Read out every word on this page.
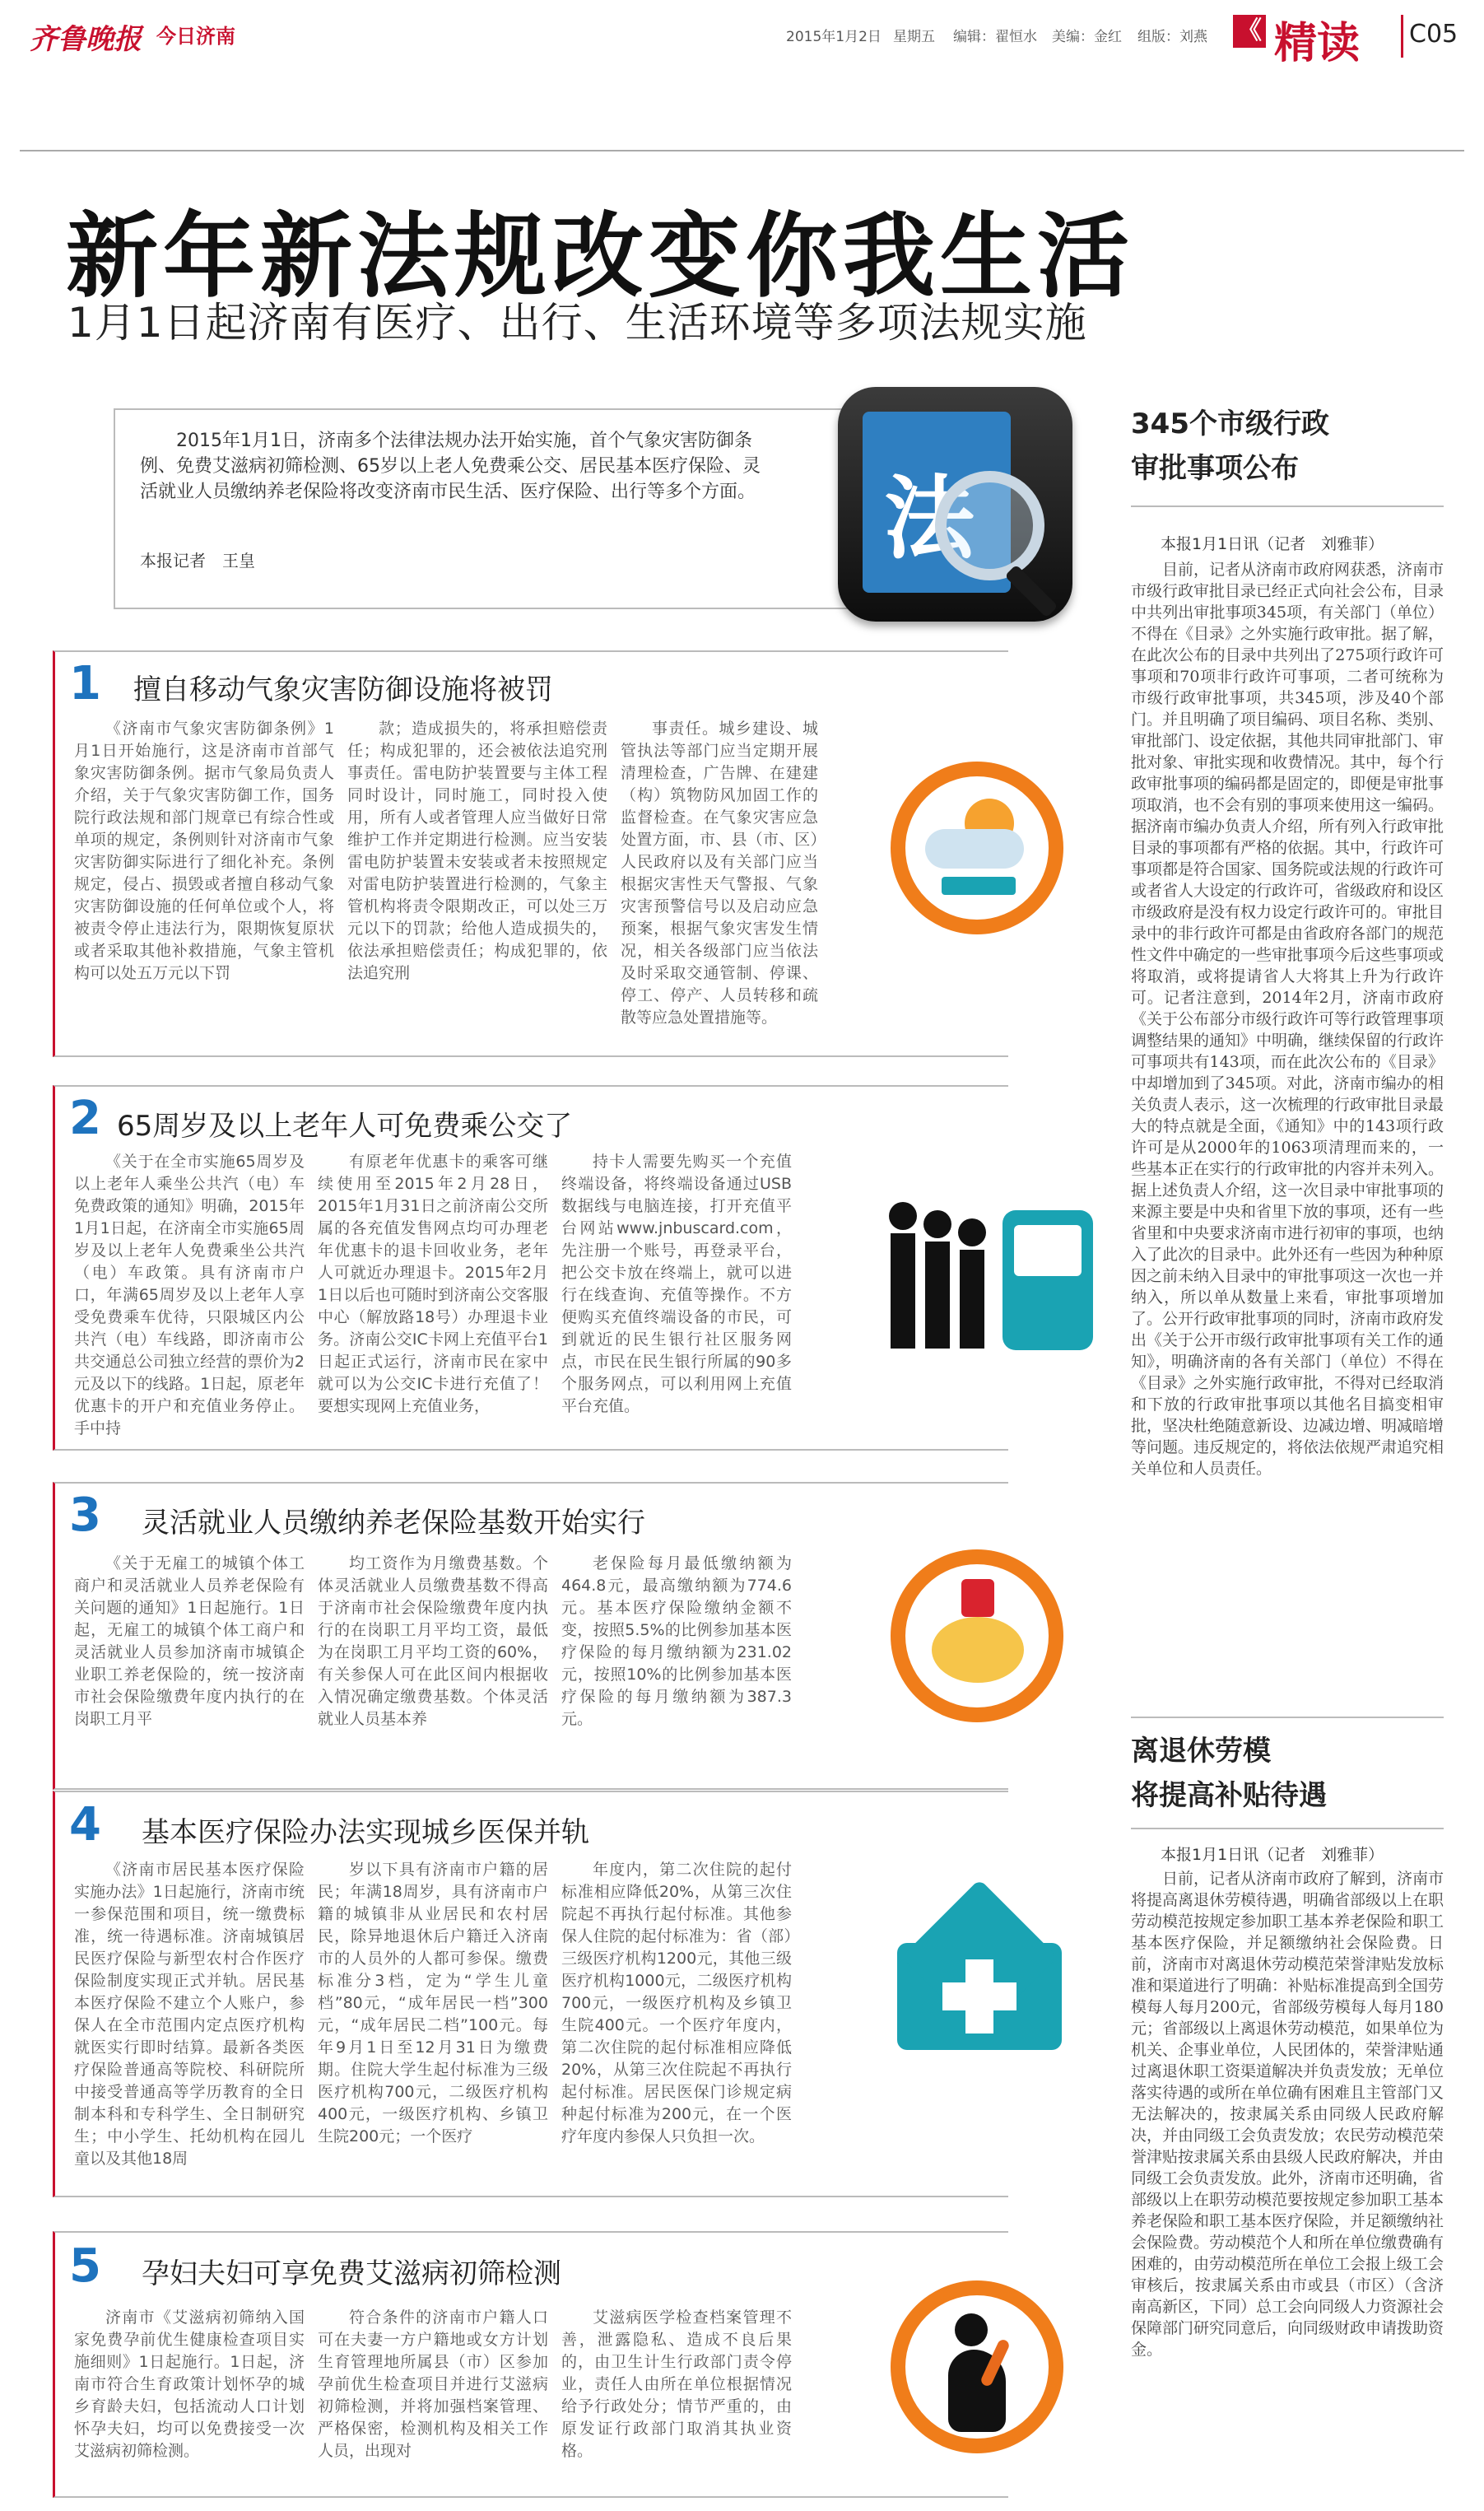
齐鲁晚报 今日济南	2015年1月2日 星期五 编辑：翟恒水 美编：金红 组版：刘燕 《 精读 C05
新年新法规改变你我生活
1月1日起济南有医疗、出行、生活环境等多项法规实施
2015年1月1日，济南多个法律法规办法开始实施，首个气象灾害防御条例、免费艾滋病初筛检测、65岁以上老人免费乘公交、居民基本医疗保险、灵活就业人员缴纳养老保险将改变济南市民生活、医疗保险、出行等多个方面。
本报记者　王皇	法
1 擅自移动气象灾害防御设施将被罚
《济南市气象灾害防御条例》1月1日开始施行，这是济南市首部气象灾害防御条例。据市气象局负责人介绍，关于气象灾害防御工作，国务院行政法规和部门规章已有综合性或单项的规定，条例则针对济南市气象灾害防御实际进行了细化补充。条例规定，侵占、损毁或者擅自移动气象灾害防御设施的任何单位或个人，将被责令停止违法行为，限期恢复原状或者采取其他补救措施，气象主管机构可以处五万元以下罚
款；造成损失的，将承担赔偿责任；构成犯罪的，还会被依法追究刑事责任。雷电防护装置要与主体工程同时设计，同时施工，同时投入使用，所有人或者管理人应当做好日常维护工作并定期进行检测。应当安装雷电防护装置未安装或者未按照规定对雷电防护装置进行检测的，气象主管机构将责令限期改正，可以处三万元以下的罚款；给他人造成损失的，依法承担赔偿责任；构成犯罪的，依法追究刑
事责任。城乡建设、城管执法等部门应当定期开展清理检查，广告牌、在建建（构）筑物防风加固工作的监督检查。在气象灾害应急处置方面，市、县（市、区）人民政府以及有关部门应当根据灾害性天气警报、气象灾害预警信号以及启动应急预案，根据气象灾害发生情况，相关各级部门应当依法及时采取交通管制、停课、停工、停产、人员转移和疏散等应急处置措施等。
2 65周岁及以上老年人可免费乘公交了
《关于在全市实施65周岁及以上老年人乘坐公共汽（电）车免费政策的通知》明确，2015年1月1日起，在济南全市实施65周岁及以上老年人免费乘坐公共汽（电）车政策。具有济南市户口，年满65周岁及以上老年人享受免费乘车优待，只限城区内公共汽（电）车线路，即济南市公共交通总公司独立经营的票价为2元及以下的线路。1日起，原老年优惠卡的开户和充值业务停止。手中持
有原老年优惠卡的乘客可继续使用至2015年2月28日，2015年1月31日之前济南公交所属的各充值发售网点均可办理老年优惠卡的退卡回收业务，老年人可就近办理退卡。2015年2月1日以后也可随时到济南公交客服中心（解放路18号）办理退卡业务。济南公交IC卡网上充值平台1日起正式运行，济南市民在家中就可以为公交IC卡进行充值了！要想实现网上充值业务，
持卡人需要先购买一个充值终端设备，将终端设备通过USB数据线与电脑连接，打开充值平台网站www.jnbuscard.com，先注册一个账号，再登录平台，把公交卡放在终端上，就可以进行在线查询、充值等操作。不方便购买充值终端设备的市民，可到就近的民生银行社区服务网点，市民在民生银行所属的90多个服务网点，可以利用网上充值平台充值。
3 灵活就业人员缴纳养老保险基数开始实行
《关于无雇工的城镇个体工商户和灵活就业人员养老保险有关问题的通知》1日起施行。1日起，无雇工的城镇个体工商户和灵活就业人员参加济南市城镇企业职工养老保险的，统一按济南市社会保险缴费年度内执行的在岗职工月平
均工资作为月缴费基数。个体灵活就业人员缴费基数不得高于济南市社会保险缴费年度内执行的在岗职工月平均工资，最低为在岗职工月平均工资的60%，有关参保人可在此区间内根据收入情况确定缴费基数。个体灵活就业人员基本养
老保险每月最低缴纳额为464.8元，最高缴纳额为774.6元。基本医疗保险缴纳金额不变，按照5.5%的比例参加基本医疗保险的每月缴纳额为231.02元，按照10%的比例参加基本医疗保险的每月缴纳额为387.3元。
4 基本医疗保险办法实现城乡医保并轨
《济南市居民基本医疗保险实施办法》1日起施行，济南市统一参保范围和项目，统一缴费标准，统一待遇标准。济南城镇居民医疗保险与新型农村合作医疗保险制度实现正式并轨。居民基本医疗保险不建立个人账户，参保人在全市范围内定点医疗机构就医实行即时结算。最新各类医疗保险普通高等院校、科研院所中接受普通高等学历教育的全日制本科和专科学生、全日制研究生；中小学生、托幼机构在园儿童以及其他18周
岁以下具有济南市户籍的居民；年满18周岁，具有济南市户籍的城镇非从业居民和农村居民，除异地退休后户籍迁入济南市的人员外的人都可参保。缴费标准分3档，定为“学生儿童档”80元，“成年居民一档”300元，“成年居民二档”100元。每年9月1日至12月31日为缴费期。住院大学生起付标准为三级医疗机构700元，二级医疗机构400元，一级医疗机构、乡镇卫生院200元；一个医疗
年度内，第二次住院的起付标准相应降低20%，从第三次住院起不再执行起付标准。其他参保人住院的起付标准为：省（部）三级医疗机构1200元，其他三级医疗机构1000元，二级医疗机构700元，一级医疗机构及乡镇卫生院400元。一个医疗年度内，第二次住院的起付标准相应降低20%，从第三次住院起不再执行起付标准。居民医保门诊规定病种起付标准为200元，在一个医疗年度内参保人只负担一次。
5 孕妇夫妇可享免费艾滋病初筛检测
济南市《艾滋病初筛纳入国家免费孕前优生健康检查项目实施细则》1日起施行。1日起，济南市符合生育政策计划怀孕的城乡育龄夫妇，包括流动人口计划怀孕夫妇，均可以免费接受一次艾滋病初筛检测。
符合条件的济南市户籍人口可在夫妻一方户籍地或女方计划生育管理地所属县（市）区参加孕前优生检查项目并进行艾滋病初筛检测，并将加强档案管理、严格保密，检测机构及相关工作人员，出现对
艾滋病医学检查档案管理不善，泄露隐私、造成不良后果的，由卫生计生行政部门责令停业，责任人由所在单位根据情况给予行政处分；情节严重的，由原发证行政部门取消其执业资格。
345个市级行政
审批事项公布
本报1月1日讯（记者　刘雅菲）
目前，记者从济南市政府网获悉，济南市市级行政审批目录已经正式向社会公布，目录中共列出审批事项345项，有关部门（单位）不得在《目录》之外实施行政审批。据了解，在此次公布的目录中共列出了275项行政许可事项和70项非行政许可事项，二者可统称为市级行政审批事项，共345项，涉及40个部门。并且明确了项目编码、项目名称、类别、审批部门、设定依据，其他共同审批部门、审批对象、审批实现和收费情况。其中，每个行政审批事项的编码都是固定的，即便是审批事项取消，也不会有别的事项来使用这一编码。据济南市编办负责人介绍，所有列入行政审批目录的事项都有严格的依据。其中，行政许可事项都是符合国家、国务院或法规的行政许可或者省人大设定的行政许可，省级政府和设区市级政府是没有权力设定行政许可的。审批目录中的非行政许可都是由省政府各部门的规范性文件中确定的一些审批事项今后这些事项或将取消，或将提请省人大将其上升为行政许可。记者注意到，2014年2月，济南市政府《关于公布部分市级行政许可等行政管理事项调整结果的通知》中明确，继续保留的行政许可事项共有143项，而在此次公布的《目录》中却增加到了345项。对此，济南市编办的相关负责人表示，这一次梳理的行政审批目录最大的特点就是全面，《通知》中的143项行政许可是从2000年的1063项清理而来的，一些基本正在实行的行政审批的内容并未列入。据上述负责人介绍，这一次目录中审批事项的来源主要是中央和省里下放的事项，还有一些省里和中央要求济南市进行初审的事项，也纳入了此次的目录中。此外还有一些因为种种原因之前未纳入目录中的审批事项这一次也一并纳入，所以单从数量上来看，审批事项增加了。公开行政审批事项的同时，济南市政府发出《关于公开市级行政审批事项有关工作的通知》，明确济南的各有关部门（单位）不得在《目录》之外实施行政审批，不得对已经取消和下放的行政审批事项以其他名目搞变相审批，坚决杜绝随意新设、边减边增、明减暗增等问题。违反规定的，将依法依规严肃追究相关单位和人员责任。
离退休劳模
将提高补贴待遇
本报1月1日讯（记者　刘雅菲）
日前，记者从济南市政府了解到，济南市将提高离退休劳模待遇，明确省部级以上在职劳动模范按规定参加职工基本养老保险和职工基本医疗保险，并足额缴纳社会保险费。日前，济南市对离退休劳动模范荣誉津贴发放标准和渠道进行了明确：补贴标准提高到全国劳模每人每月200元，省部级劳模每人每月180元；省部级以上离退休劳动模范，如果单位为机关、企事业单位，人民团体的，荣誉津贴通过离退休职工资渠道解决并负责发放；无单位落实待遇的或所在单位确有困难且主管部门又无法解决的，按隶属关系由同级人民政府解决，并由同级工会负责发放；农民劳动模范荣誉津贴按隶属关系由县级人民政府解决，并由同级工会负责发放。此外，济南市还明确，省部级以上在职劳动模范要按规定参加职工基本养老保险和职工基本医疗保险，并足额缴纳社会保险费。劳动模范个人和所在单位缴费确有困难的，由劳动模范所在单位工会报上级工会审核后，按隶属关系由市或县（市区）（含济南高新区，下同）总工会向同级人力资源社会保障部门研究同意后，向同级财政申请拨助资金。
